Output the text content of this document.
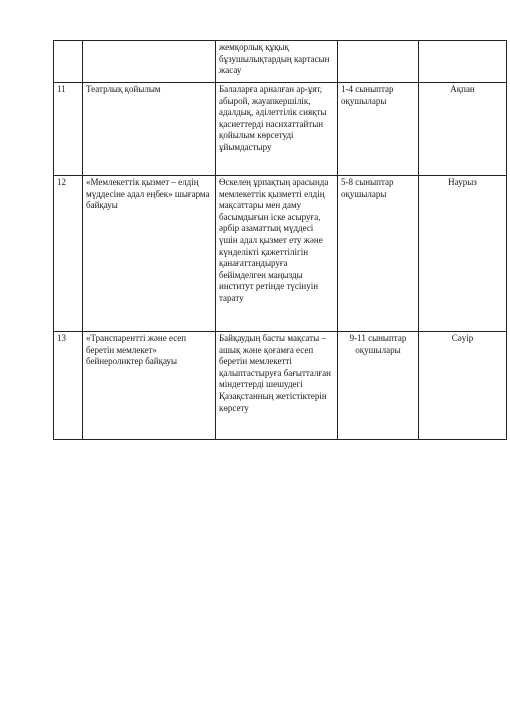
		жемқорлық құқық бұзушылықтардың картасын жасау		
11	Театрлық қойылым	Балаларға арналған ар-ұят, абырой, жауапкершілік, адалдық, әділеттілік сияқты қасиеттерді насихаттайтын қойылым көрсетуді ұйымдастыру	1-4 сыныптар оқушылары	Ақпан
12	«Мемлекеттік қызмет – елдің мүддесіне адал еңбек» шығарма байқауы	Өскелең ұрпақтың арасында мемлекеттік қызметті елдің мақсаттары мен даму басымдығын іске асыруға, әрбір азаматтың мүддесі үшін адал қызмет ету және күнделікті қажеттілігін қанағаттандыруға бейімделген маңызды институт ретінде түсінуін тарату	5-8 сыныптар оқушылары	Наурыз
13	«Транспарентті және есеп беретін мемлекет» бейнероликтер байқауы	Байқаудың басты мақсаты – ашық және қоғамға есеп беретін мемлекетті қалыптастыруға бағытталған міндеттерді шешудегі Қазақстанның жетістіктерін көрсету	9-11 сыныптар оқушылары	Сәуір
